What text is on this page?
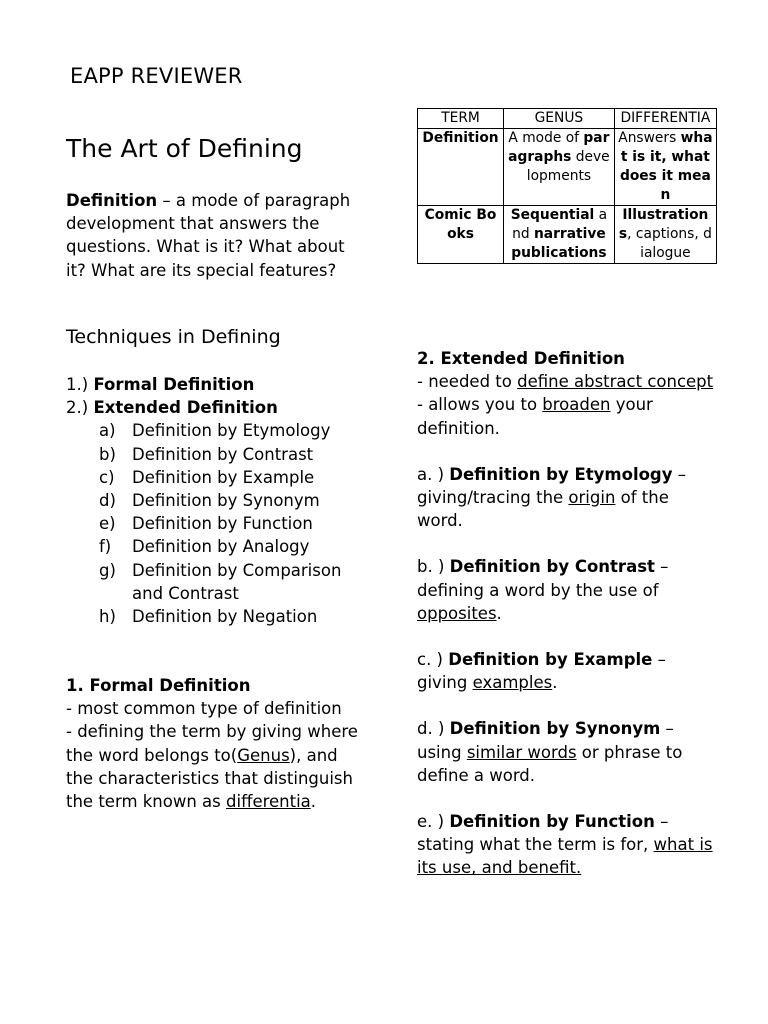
EAPP REVIEWER
The Art of Defining
Definition – a mode of paragraph development that answers the questions. What is it? What about it? What are its special features?
Techniques in Defining
1.) Formal Definition
2.) Extended Definition
a) Definition by Etymology
b) Definition by Contrast
c) Definition by Example
d) Definition by Synonym
e) Definition by Function
f) Definition by Analogy
g) Definition by Comparison and Contrast
h) Definition by Negation
1. Formal Definition
- most common type of definition
- defining the term by giving where the word belongs to(Genus), and the characteristics that distinguish the term known as differentia.
TERM	GENUS	DIFFERENTIA
Definition	A mode of paragraphs developments	Answers what is it, what does it mean
Comic Books	Sequential and narrative publications	Illustrations, captions, dialogue
2. Extended Definition
- needed to define abstract concept
- allows you to broaden your definition.
a. ) Definition by Etymology – giving/tracing the origin of the word.
b. ) Definition by Contrast – defining a word by the use of opposites.
c. ) Definition by Example – giving examples.
d. ) Definition by Synonym – using similar words or phrase to define a word.
e. ) Definition by Function – stating what the term is for, what is its use, and benefit.
